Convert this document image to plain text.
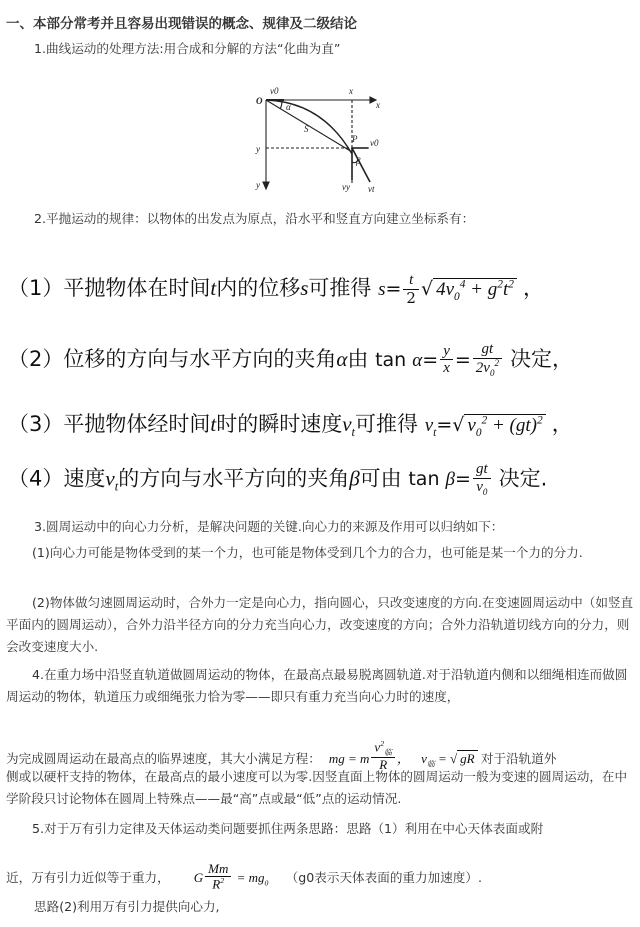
一、本部分常考并且容易出现错误的概念、规律及二级结论
1.曲线运动的处理方法:用合成和分解的方法“化曲为直”
O
v0
α
x
x
S
P v0
β
y
vy vt
y
2.平抛运动的规律：以物体的出发点为原点，沿水平和竖直方向建立坐标系有：
（1）平抛物体在时间t内的位移s可推得 $s= \frac{t}{2}$ √ $4v_0^4 + g^2t^2$ ，
（2）位移的方向与水平方向的夹角α由 $\tan \alpha= \frac{y}{x} = \frac{gt}{2v_0^2}$ 决定，
（3）平抛物体经时间t时的瞬时速度$v_t$可推得 $v_t=√$ $v_0^2 + (gt)^2$ ，
（4）速度$v_t$的方向与水平方向的夹角β可由 $\tan \beta= \frac{gt}{v_0}$ 决定.
3.圆周运动中的向心力分析，是解决问题的关键.向心力的来源及作用可以归纳如下：
(1)向心力可能是物体受到的某一个力，也可能是物体受到几个力的合力，也可能是某一个力的分力.
(2)物体做匀速圆周运动时，合外力一定是向心力，指向圆心，只改变速度的方向.在变速圆周运动中（如竖直平面内的圆周运动），合外力沿半径方向的分力充当向心力，改变速度的方向；合外力沿轨道切线方向的分力，则会改变速度大小.
4.在重力场中沿竖直轨道做圆周运动的物体，在最高点最易脱离圆轨道.对于沿轨道内侧和以细绳相连而做圆周运动的物体，轨道压力或细绳张力恰为零——即只有重力充当向心力时的速度，
为完成圆周运动在最高点的临界速度，其大小满足方程： mg = m $\frac{v^2_临}{R}$ ， $v_临$ = √ gR 对于沿轨道外
侧或以硬杆支持的物体，在最高点的最小速度可以为零.因竖直面上物体的圆周运动一般为变速的圆周运动，在中学阶段只讨论物体在圆周上特殊点——最“高”点或最“低”点的运动情况.
5.对于万有引力定律及天体运动类问题要抓住两条思路：思路（1）利用在中心天体表面或附
近，万有引力近似等于重力， G $\frac{Mm}{R^2} = mg_0$ （g0表示天体表面的重力加速度）.
思路(2)利用万有引力提供向心力,
